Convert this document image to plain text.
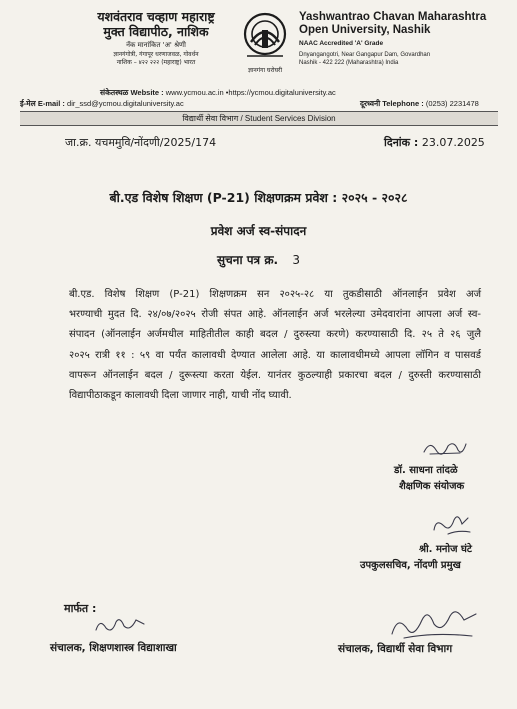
यशवंतराव चव्हाण महाराष्ट्र
मुक्त विद्यापीठ, नाशिक
नॅक मानांकित 'अ' श्रेणी
ज्ञानगंगोत्री, गंगापूर धरणाजवळ, गोवर्धन
नाशिक – ४२२ २२२ (महाराष्ट्र) भारत
ज्ञानगंगा घरोघरी
Yashwantrao Chavan Maharashtra
Open University, Nashik
NAAC Accredited 'A' Grade
Dnyangangotri, Near Gangapur Dam, Govardhan
Nashik - 422 222 (Maharashtra) India
संकेतस्थळ Website : www.ycmou.ac.in •https://ycmou.digitaluniversity.ac
ई-मेल E-mail : dir_ssd@ycmou.digitaluniversity.ac	दूरध्वनी Telephone : (0253) 2231478
विद्यार्थी सेवा विभाग / Student Services Division
जा.क्र. यचममुवि/नोंदणी/2025/174	दिनांक : 23.07.2025
बी.एड विशेष शिक्षण (P-21) शिक्षणक्रम प्रवेश : २०२५ - २०२८
प्रवेश अर्ज स्व-संपादन
सुचना पत्र क्र. 3
बी.एड. विशेष शिक्षण (P-21) शिक्षणक्रम सन २०२५-२८ या तुकडीसाठी ऑनलाईन प्रवेश अर्ज
भरण्याची मुदत दि. २४/०७/२०२५ रोजी संपत आहे. ऑनलाईन अर्ज भरलेल्या उमेदवारांना आपला अर्ज स्व-
संपादन (ऑनलाईन अर्जमधील माहितीतील काही बदल / दुरुस्त्या करणे) करण्यासाठी दि. २५ ते २६ जुलै
२०२५ रात्री ११ : ५९ वा पर्यंत कालावधी देण्यात आलेला आहे. या कालावधीमध्ये आपला लॉगिन व पासवर्ड
वापरून ऑनलाईन बदल / दुरूस्त्या करता येईल. यानंतर कुठल्याही प्रकारचा बदल / दुरुस्ती करण्यासाठी
विद्यापीठाकडून कालावधी दिला जाणार नाही, याची नोंद घ्यावी.
डॉ. साधना तांदळे
शैक्षणिक संयोजक
श्री. मनोज घंटे
उपकुलसचिव, नोंदणी प्रमुख
मार्फत :
संचालक, शिक्षणशास्त्र विद्याशाखा	संचालक, विद्यार्थी सेवा विभाग
